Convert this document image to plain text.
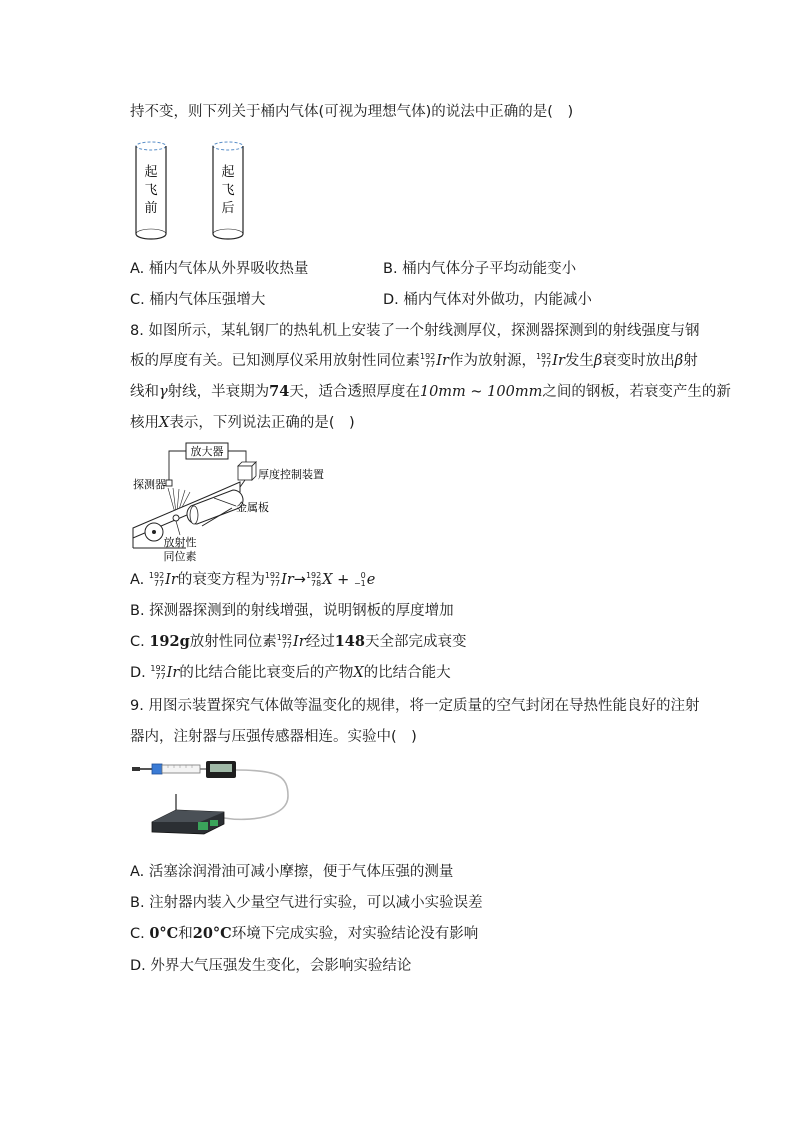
持不变，则下列关于桶内气体(可视为理想气体)的说法中正确的是(　)
起
飞
前
起
飞
后
A. 桶内气体从外界吸收热量	B. 桶内气体分子平均动能变小
C. 桶内气体压强增大	D. 桶内气体对外做功，内能减小
8. 如图所示，某轧钢厂的热轧机上安装了一个射线测厚仪，探测器探测到的射线强度与钢
板的厚度有关。已知测厚仪采用放射性同位素 192
77 Ir作为放射源， 192
77 Ir发生β衰变时放出β射
线和γ射线，半衰期为74天，适合透照厚度在10mm ~ 100mm之间的钢板，若衰变产生的新
核用X表示，下列说法正确的是(　)
放大器
探测器
厚度控制装置
金属板
放射性
同位素
A. 192
77 Ir的衰变方程为 192
77 Ir→ 192
78 X + 0
−1 e
B. 探测器探测到的射线增强，说明钢板的厚度增加
C. 192g放射性同位素 192
77 Ir经过148天全部完成衰变
D. 192
77 Ir的比结合能比衰变后的产物X的比结合能大
9. 用图示装置探究气体做等温变化的规律，将一定质量的空气封闭在导热性能良好的注射
器内，注射器与压强传感器相连。实验中(　)
A. 活塞涂润滑油可减小摩擦，便于气体压强的测量
B. 注射器内装入少量空气进行实验，可以减小实验误差
C. 0°C和20°C环境下完成实验，对实验结论没有影响
D. 外界大气压强发生变化，会影响实验结论
